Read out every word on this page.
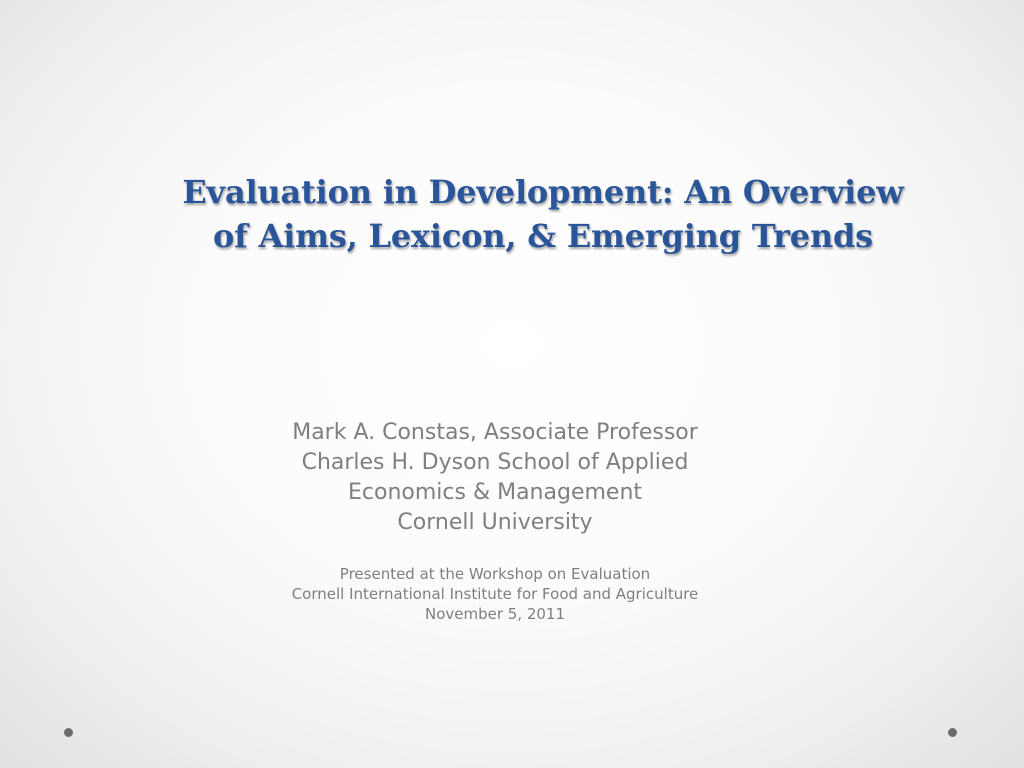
Evaluation in Development: An Overview
of Aims, Lexicon, & Emerging Trends
Mark A. Constas, Associate Professor
Charles H. Dyson School of Applied
Economics & Management
Cornell University
Presented at the Workshop on Evaluation
Cornell International Institute for Food and Agriculture
November 5, 2011
